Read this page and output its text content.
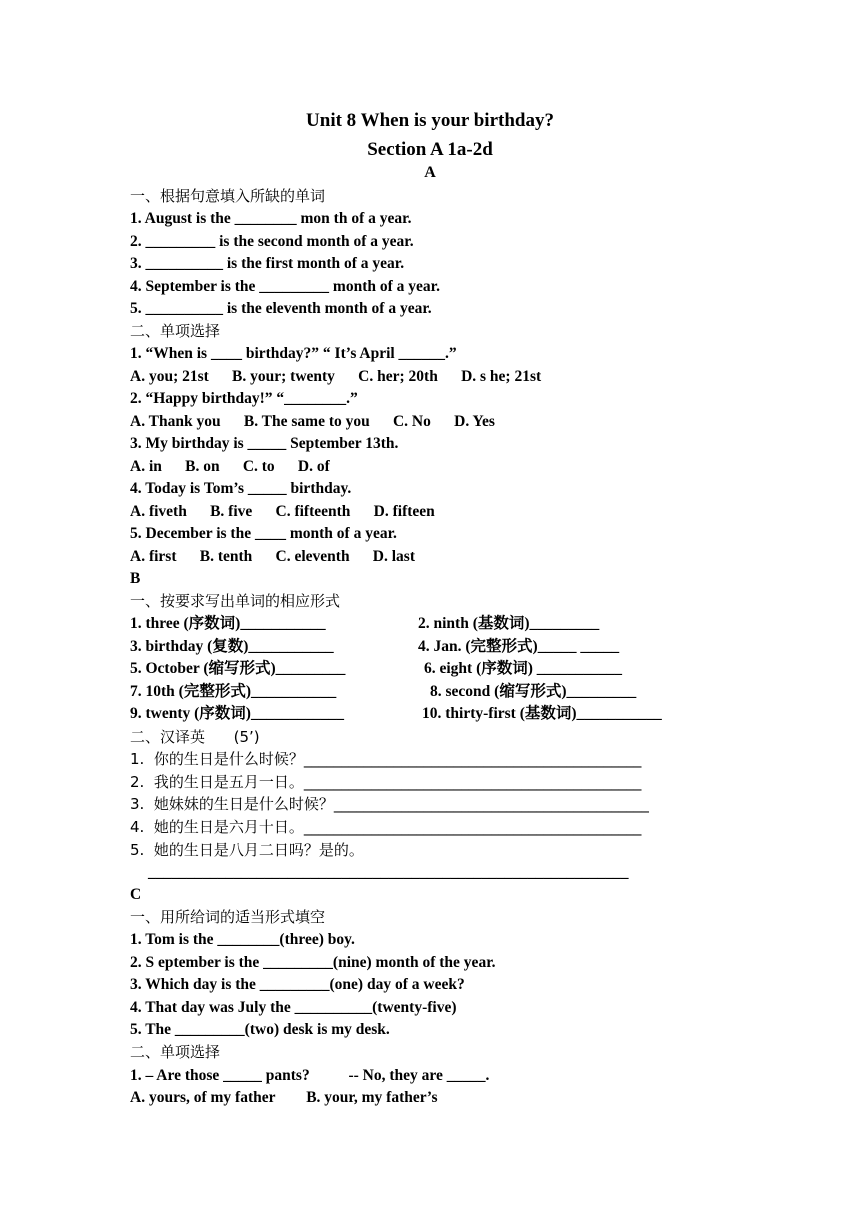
Unit 8 When is your birthday?
Section A 1a-2d
A
一、根据句意填入所缺的单词
1. August is the ________ mon th of a year.
2. _________ is the second month of a year.
3. __________ is the first month of a year.
4. September is the _________ month of a year.
5. __________ is the eleventh month of a year.
二、单项选择
1. “When is ____ birthday?” “ It’s April ______.”
A. you; 21st      B. your; twenty      C. her; 20th      D. s he; 21st
2. “Happy birthday!” “________.”
A. Thank you      B. The same to you      C. No      D. Yes
3. My birthday is _____ September 13th.
A. in      B. on      C. to      D. of
4. Today is Tom’s _____ birthday.
A. fiveth      B. five      C. fifteenth      D. fifteen
5. December is the ____ month of a year.
A. first      B. tenth      C. eleventh      D. last
B
一、按要求写出单词的相应形式
1. three (序数词)___________	2. ninth (基数词)_________
3. birthday (复数)___________	4. Jan. (完整形式)_____ _____
5. October (缩写形式)_________	6. eight (序数词) ___________
7. 10th (完整形式)___________	8. second (缩写形式)_________
9. twenty (序数词)____________	10. thirty-first (基数词)___________
二、汉译英      (5’)
1.  你的生日是什么时候？_____________________________________________
2.  我的生日是五月一日。_____________________________________________
3.  她妹妹的生日是什么时候？__________________________________________
4.  她的生日是六月十日。_____________________________________________
5.  她的生日是八月二日吗？是的。
______________________________________________________________
C
一、用所给词的适当形式填空
1. Tom is the ________(three) boy.
2. S eptember is the _________(nine) month of the year.
3. Which day is the _________(one) day of a week?
4. That day was July the __________(twenty-five)
5. The _________(two) desk is my desk.
二、单项选择
1. – Are those _____ pants?          -- No, they are _____.
A. yours, of my father        B. your, my father’s
